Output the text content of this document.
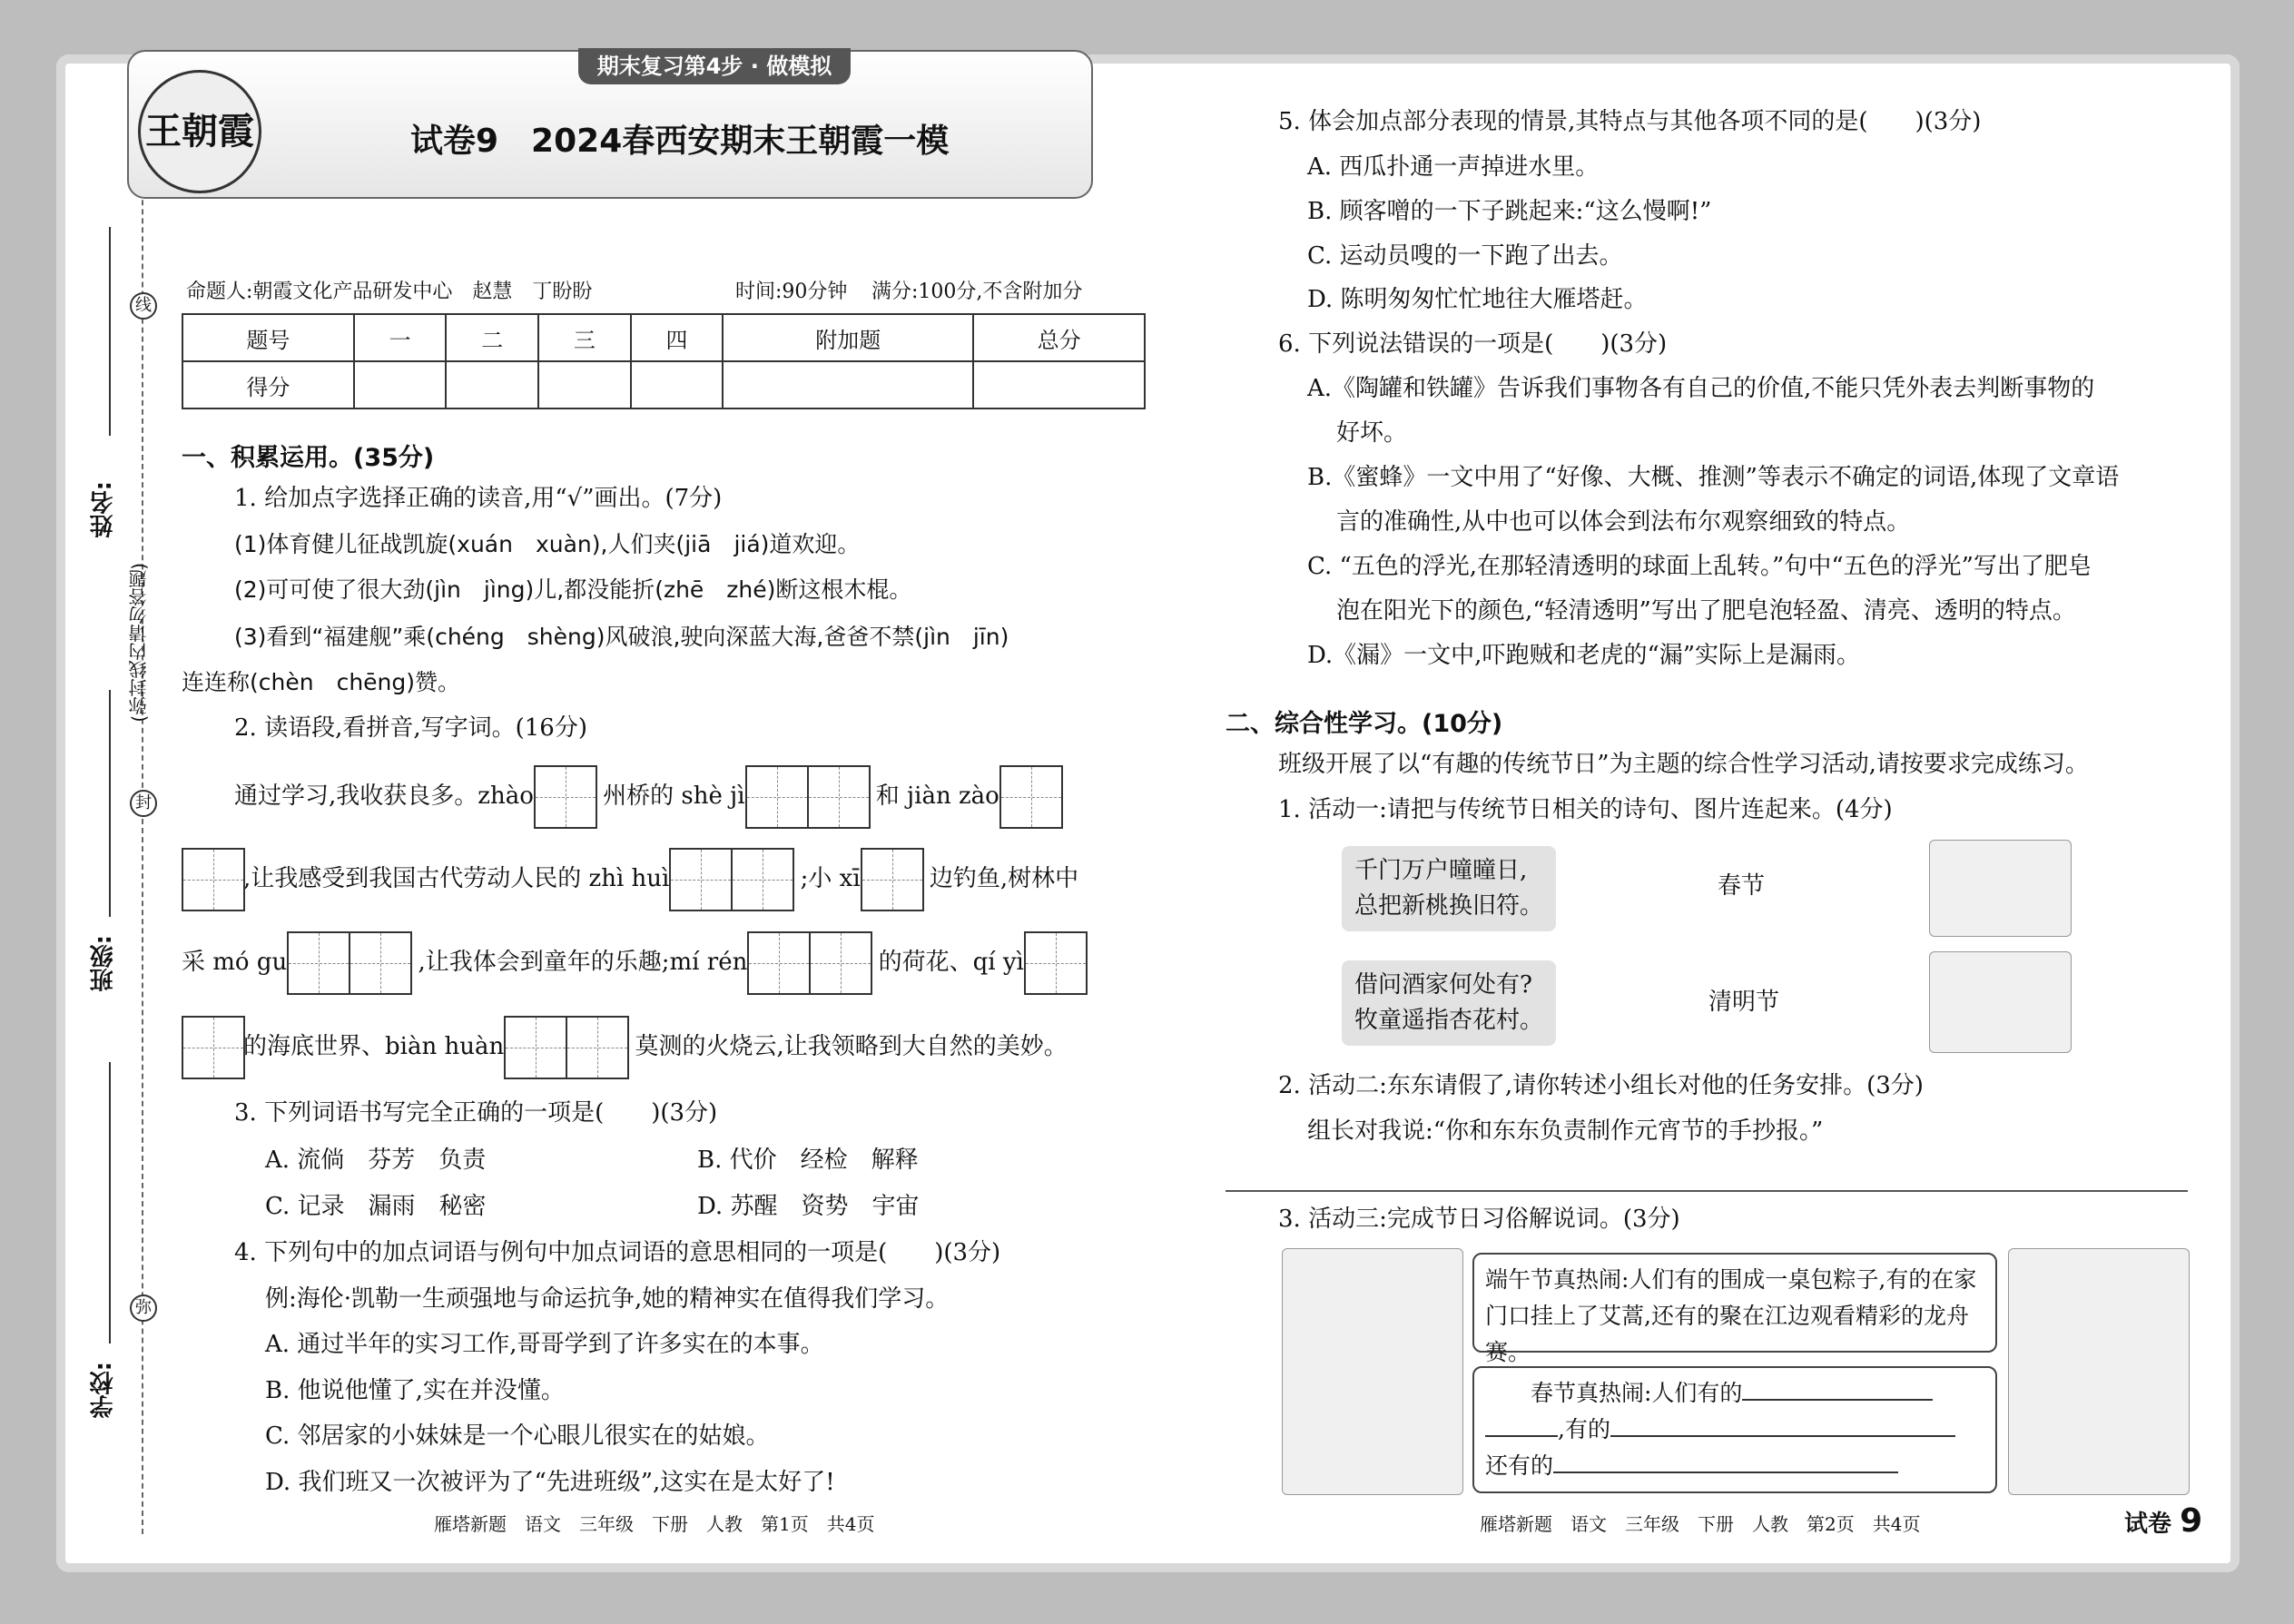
线
封
弥
姓名:
班级:
学校:
(弥封线内请勿答题)
王朝霞
期末复习第4步 · 做模拟
试卷9　2024春西安期末王朝霞一模
命题人:朝霞文化产品研发中心　赵慧　丁盼盼	时间:90分钟 满分:100分,不含附加分
题号	一	二	三	四	附加题	总分
得分						
一、积累运用。(35分)
1. 给加点字选择正确的读音,用“√”画出。(7分)
(1)体育健儿征战凯旋(xuán　xuàn),人们夹(jiā　jiá)道欢迎。
(2)可可使了很大劲(jìn　jìng)儿,都没能折(zhē　zhé)断这根木棍。
(3)看到“福建舰”乘(chéng　shèng)风破浪,驶向深蓝大海,爸爸不禁(jìn　jīn)
连连称(chèn　chēng)赞。
2. 读语段,看拼音,写字词。(16分)
通过学习,我收获良多。zhào	州桥的 shè jì	和 jiàn zào
,让我感受到我国古代劳动人民的 zhì huì	;小 xī	边钓鱼,树林中
采 mó gu	,让我体会到童年的乐趣;mí rén	的荷花、qí yì
的海底世界、biàn huàn	莫测的火烧云,让我领略到大自然的美妙。
3. 下列词语书写完全正确的一项是(　　)(3分)
A. 流倘　芬芳　负责	B. 代价　经检　解释
C. 记录　漏雨　秘密	D. 苏醒　资势　宇宙
4. 下列句中的加点词语与例句中加点词语的意思相同的一项是(　　)(3分)
例:海伦·凯勒一生顽强地与命运抗争,她的精神实在值得我们学习。
A. 通过半年的实习工作,哥哥学到了许多实在的本事。
B. 他说他懂了,实在并没懂。
C. 邻居家的小妹妹是一个心眼儿很实在的姑娘。
D. 我们班又一次被评为了“先进班级”,这实在是太好了!
雁塔新题　语文　三年级　下册　人教　第1页　共4页
5. 体会加点部分表现的情景,其特点与其他各项不同的是(　　)(3分)
A. 西瓜扑通一声掉进水里。
B. 顾客噌的一下子跳起来:“这么慢啊!”
C. 运动员嗖的一下跑了出去。
D. 陈明匆匆忙忙地往大雁塔赶。
6. 下列说法错误的一项是(　　)(3分)
A.《陶罐和铁罐》告诉我们事物各有自己的价值,不能只凭外表去判断事物的
好坏。
B.《蜜蜂》一文中用了“好像、大概、推测”等表示不确定的词语,体现了文章语
言的准确性,从中也可以体会到法布尔观察细致的特点。
C. “五色的浮光,在那轻清透明的球面上乱转。”句中“五色的浮光”写出了肥皂
泡在阳光下的颜色,“轻清透明”写出了肥皂泡轻盈、清亮、透明的特点。
D.《漏》一文中,吓跑贼和老虎的“漏”实际上是漏雨。
二、综合性学习。(10分)
班级开展了以“有趣的传统节日”为主题的综合性学习活动,请按要求完成练习。
1. 活动一:请把与传统节日相关的诗句、图片连起来。(4分)
千门万户曈曈日,
总把新桃换旧符。
借问酒家何处有?
牧童遥指杏花村。
春节
清明节
2. 活动二:东东请假了,请你转述小组长对他的任务安排。(3分)
组长对我说:“你和东东负责制作元宵节的手抄报。”
3. 活动三:完成节日习俗解说词。(3分)
端午节真热闹:人们有的围成一桌包粽子,有的在家门口挂上了艾蒿,还有的聚在江边观看精彩的龙舟赛。
春节真热闹:人们有的
,有的
还有的
雁塔新题　语文　三年级　下册　人教　第2页　共4页	试卷 9
